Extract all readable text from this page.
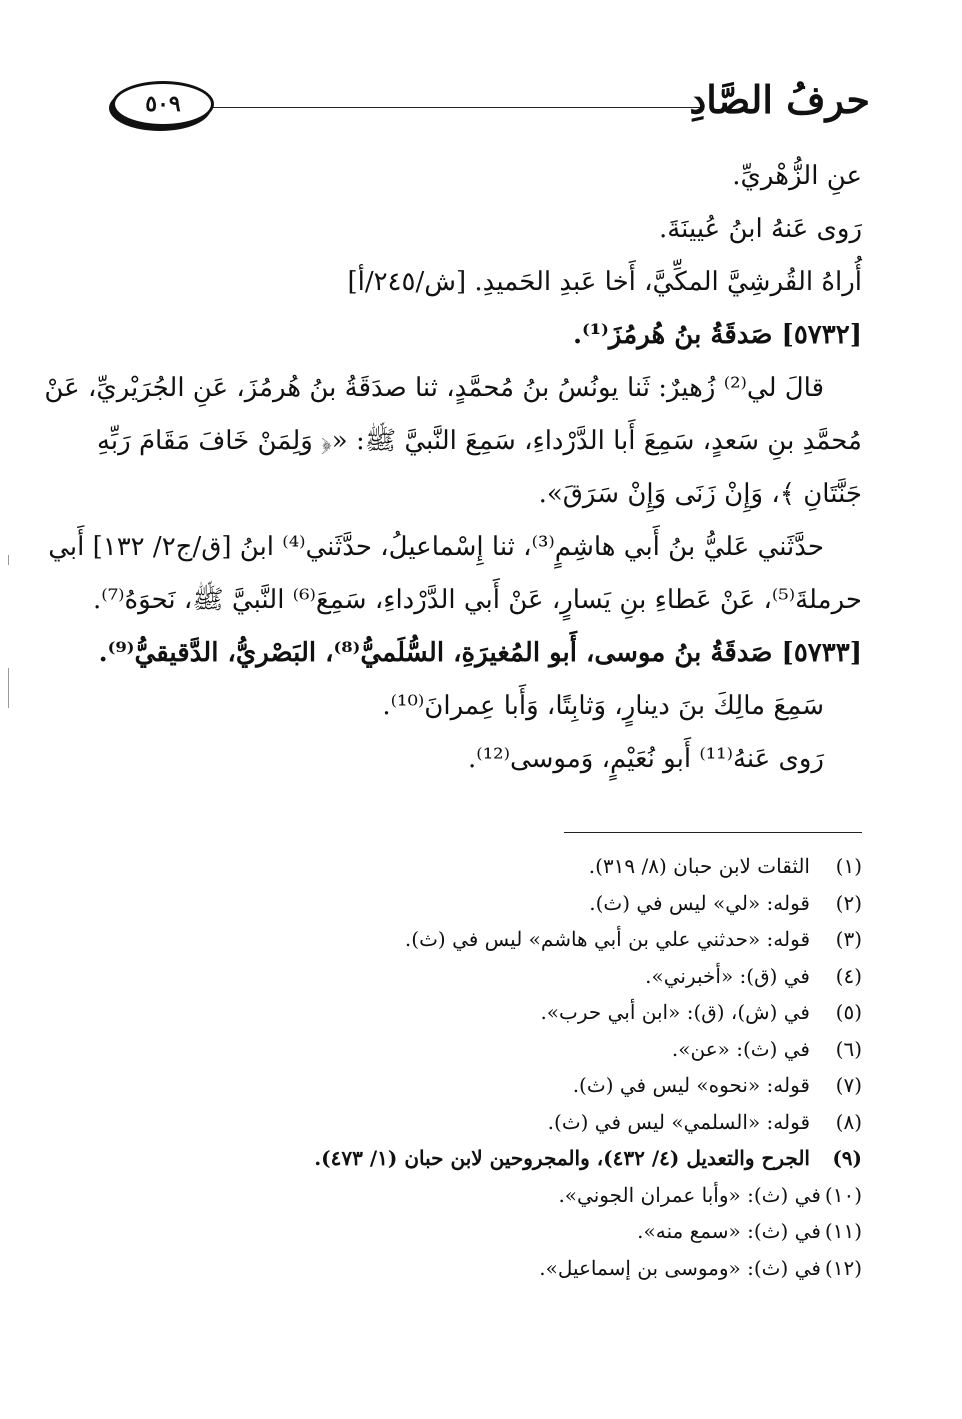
حرفُ الصَّادِ
٥٠٩
عنِ الزُّهْريِّ.
رَوى عَنهُ ابنُ عُيينَةَ.
أُراهُ القُرشِيَّ المكِّيَّ، أَخا عَبدِ الحَميدِ. [ش/٢٤٥/أ]
[٥٧٣٢] صَدقَةُ بنُ هُرمُزَ⁽¹⁾.
قالَ لي⁽²⁾ زُهيرٌ: ثَنا يونُسُ بنُ مُحمَّدٍ، ثنا صدَقَةُ بنُ هُرمُزَ، عَنِ الجُرَيْريِّ، عَنْ
مُحمَّدِ بنِ سَعدٍ، سَمِعَ أَبا الدَّرْداءِ، سَمِعَ النَّبيَّ ﷺ: «﴿ وَلِمَنْ خَافَ مَقَامَ رَبِّهِ
جَنَّتَانِ ﴾، وَإِنْ زَنَى وَإِنْ سَرَقَ».
حدَّثَني عَليُّ بنُ أَبي هاشِمٍ⁽³⁾، ثنا إِسْماعيلُ، حدَّثَني⁽⁴⁾ ابنُ [ق/ج٢/ ١٣٢] أَبي
حرملةَ⁽⁵⁾، عَنْ عَطاءِ بنِ يَسارٍ، عَنْ أَبي الدَّرْداءِ، سَمِعَ⁽⁶⁾ النَّبيَّ ﷺ، نَحوَهُ⁽⁷⁾.
[٥٧٣٣] صَدقَةُ بنُ موسى، أَبو المُغيرَةِ، السُّلَميُّ⁽⁸⁾، البَصْريُّ، الدَّقيقيُّ⁽⁹⁾.
سَمِعَ مالِكَ بنَ دينارٍ، وَثابِتًا، وَأَبا عِمرانَ⁽¹⁰⁾.
رَوى عَنهُ⁽¹¹⁾ أَبو نُعَيْمٍ، وَموسى⁽¹²⁾.
(١)الثقات لابن حبان (٨/ ٣١٩).
(٢)قوله: «لي» ليس في (ث).
(٣)قوله: «حدثني علي بن أبي هاشم» ليس في (ث).
(٤)في (ق): «أخبرني».
(٥)في (ش)، (ق): «ابن أبي حرب».
(٦)في (ث): «عن».
(٧)قوله: «نحوه» ليس في (ث).
(٨)قوله: «السلمي» ليس في (ث).
(٩)الجرح والتعديل (٤/ ٤٣٢)، والمجروحين لابن حبان (١/ ٤٧٣).
(١٠)في (ث): «وأبا عمران الجوني».
(١١)في (ث): «سمع منه».
(١٢)في (ث): «وموسى بن إسماعيل».
